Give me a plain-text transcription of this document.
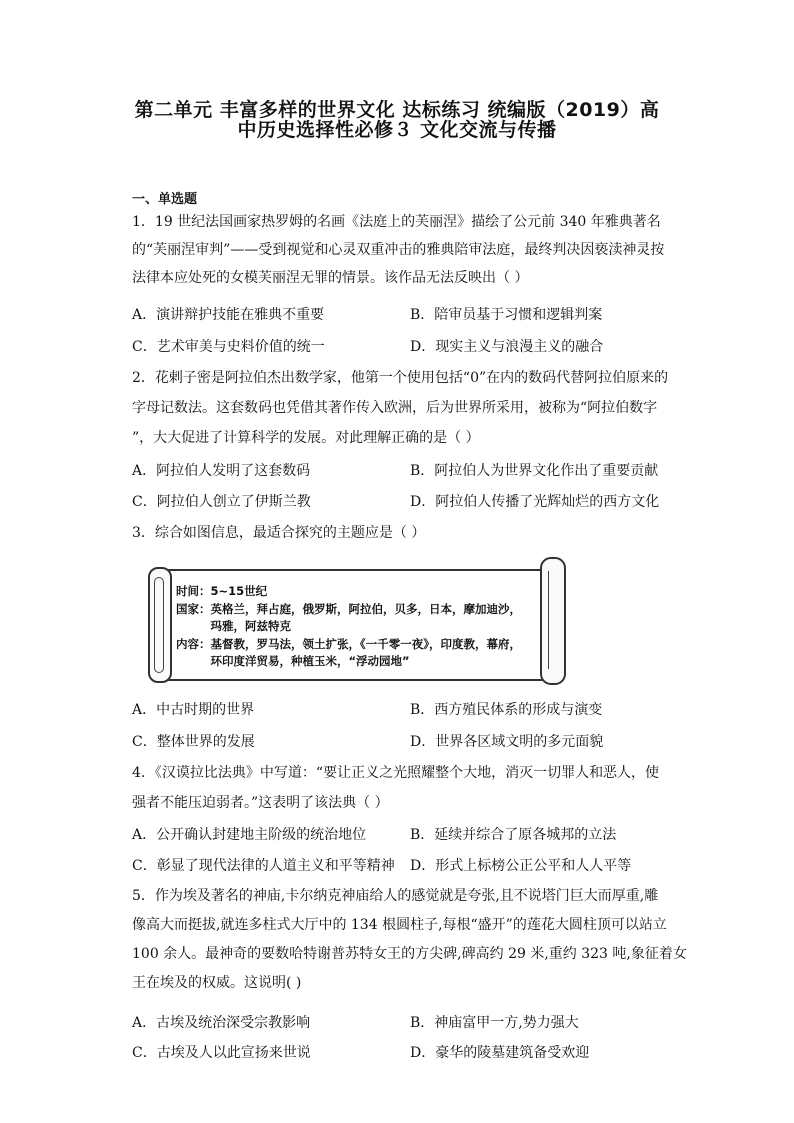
第二单元 丰富多样的世界文化 达标练习 统编版（2019）高
中历史选择性必修３ 文化交流与传播
一、单选题
1．19 世纪法国画家热罗姆的名画《法庭上的芙丽涅》描绘了公元前 340 年雅典著名
的“芙丽涅审判”——受到视觉和心灵双重冲击的雅典陪审法庭，最终判决因亵渎神灵按
法律本应处死的女模芙丽涅无罪的情景。该作品无法反映出（ ）
A．演讲辩护技能在雅典不重要	B．陪审员基于习惯和逻辑判案
C．艺术审美与史料价值的统一	D．现实主义与浪漫主义的融合
2．花剌子密是阿拉伯杰出数学家，他第一个使用包括“0”在内的数码代替阿拉伯原来的
字母记数法。这套数码也凭借其著作传入欧洲，后为世界所采用，被称为“阿拉伯数字
”，大大促进了计算科学的发展。对此理解正确的是（ ）
A．阿拉伯人发明了这套数码	B．阿拉伯人为世界文化作出了重要贡献
C．阿拉伯人创立了伊斯兰教	D．阿拉伯人传播了光辉灿烂的西方文化
3．综合如图信息，最适合探究的主题应是（ ）
时间：5~15世纪
国家：英格兰，拜占庭，俄罗斯，阿拉伯，贝多，日本，摩加迪沙，
　　　玛雅，阿兹特克
内容：基督教，罗马法，领土扩张，《一千零一夜》，印度教，幕府，
　　　环印度洋贸易，种植玉米，“浮动园地”
A．中古时期的世界	B．西方殖民体系的形成与演变
C．整体世界的发展	D．世界各区域文明的多元面貌
4．《汉谟拉比法典》中写道：“要让正义之光照耀整个大地，消灭一切罪人和恶人，使
强者不能压迫弱者。”这表明了该法典（ ）
A．公开确认封建地主阶级的统治地位	B．延续并综合了原各城邦的立法
C．彰显了现代法律的人道主义和平等精神 D．形式上标榜公正公平和人人平等
5．作为埃及著名的神庙,卡尔纳克神庙给人的感觉就是夸张,且不说塔门巨大而厚重,雕
像高大而挺拔,就连多柱式大厅中的 134 根圆柱子,每根“盛开”的莲花大圆柱顶可以站立
100 余人。最神奇的要数哈特谢普苏特女王的方尖碑,碑高约 29 米,重约 323 吨,象征着女
王在埃及的权威。这说明( )
A．古埃及统治深受宗教影响	B．神庙富甲一方,势力强大
C．古埃及人以此宣扬来世说	D．豪华的陵墓建筑备受欢迎
